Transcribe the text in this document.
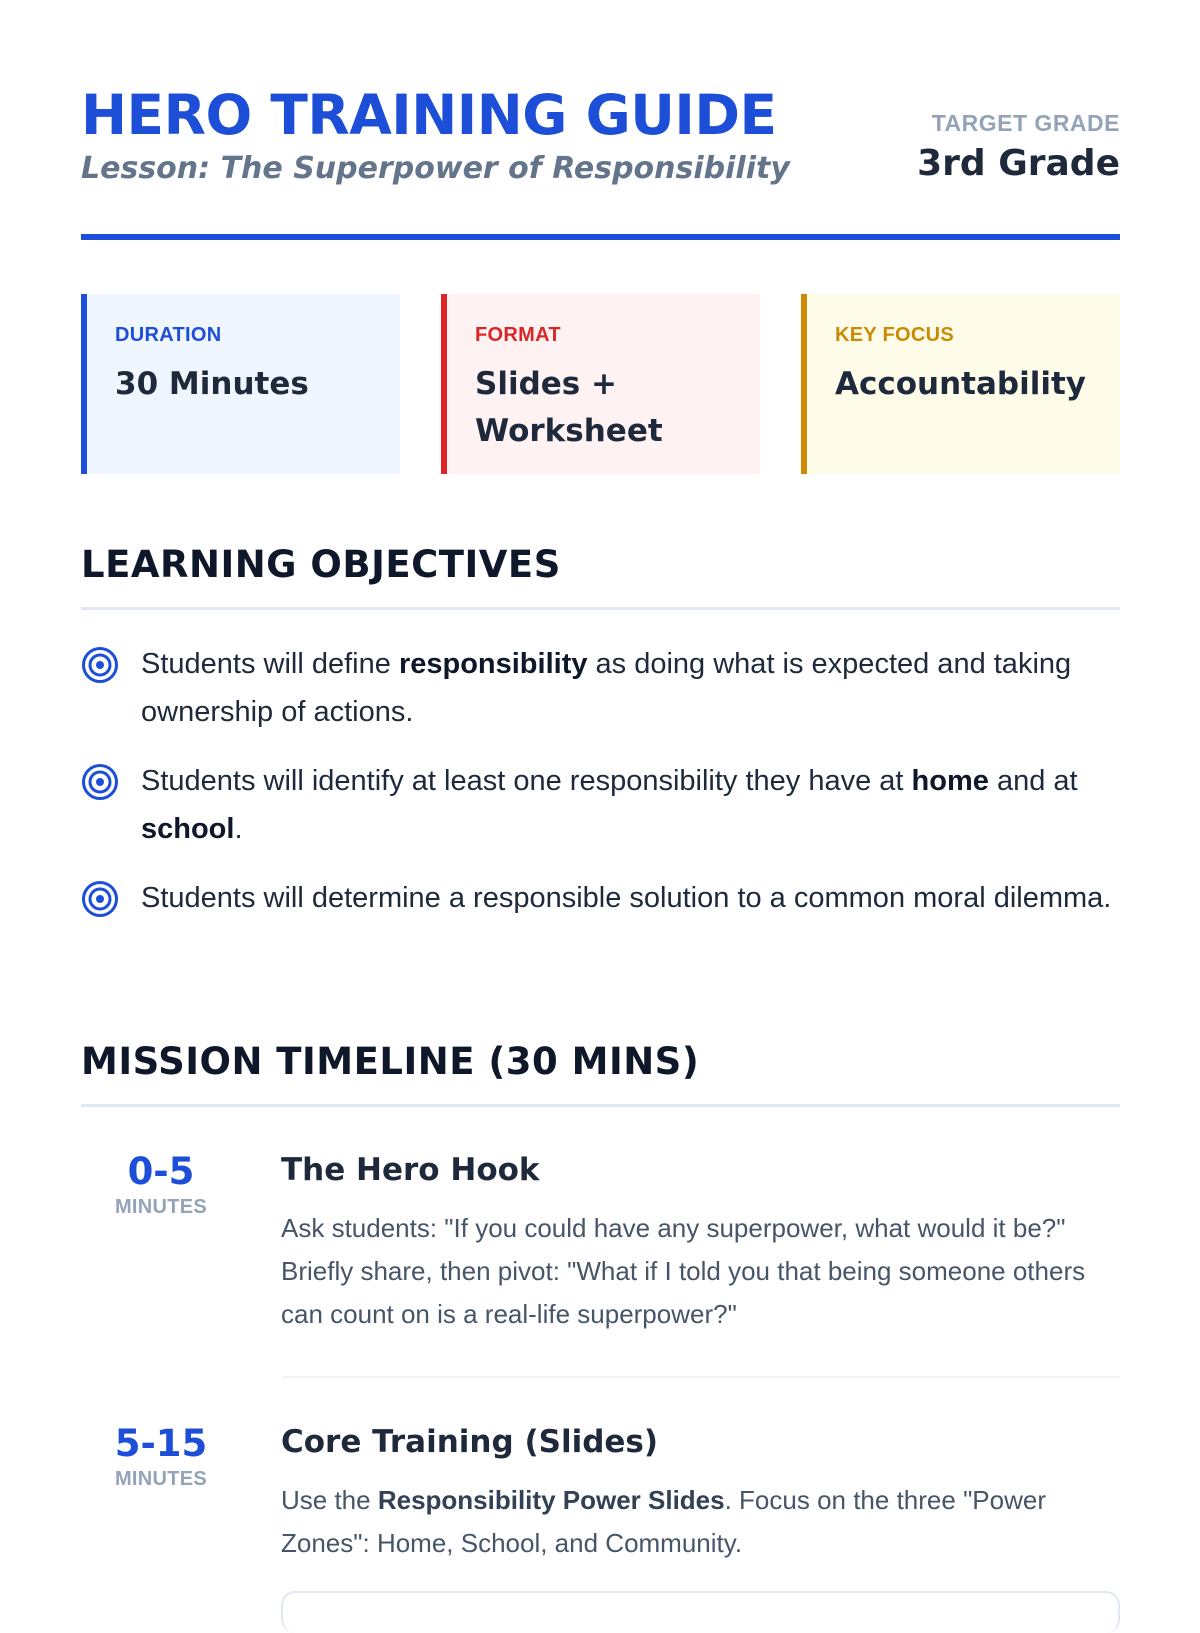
HERO TRAINING GUIDE
Lesson: The Superpower of Responsibility
TARGET GRADE
3rd Grade
DURATION
30 Minutes
FORMAT
Slides + Worksheet
KEY FOCUS
Accountability
LEARNING OBJECTIVES
Students will define responsibility as doing what is expected and taking ownership of actions.
Students will identify at least one responsibility they have at home and at school.
Students will determine a responsible solution to a common moral dilemma.
MISSION TIMELINE (30 MINS)
0-5
MINUTES
The Hero Hook
Ask students: "If you could have any superpower, what would it be?" Briefly share, then pivot: "What if I told you that being someone others can count on is a real-life superpower?"
5-15
MINUTES
Core Training (Slides)
Use the Responsibility Power Slides. Focus on the three "Power Zones": Home, School, and Community.
